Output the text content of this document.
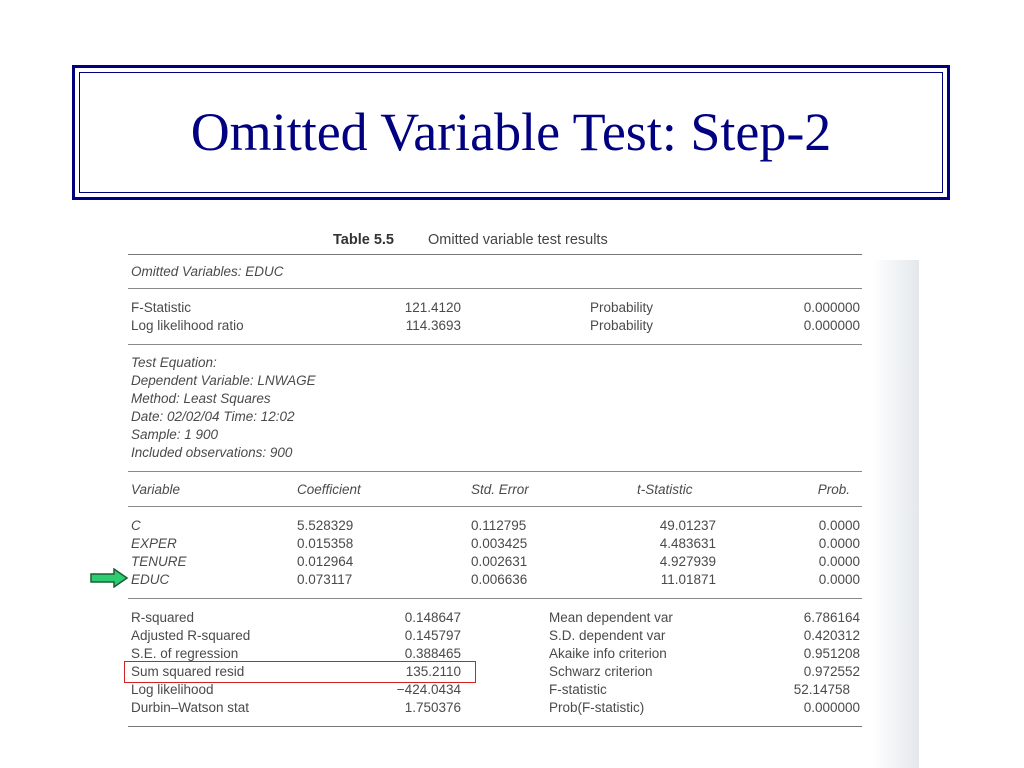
Omitted Variable Test: Step-2
Table 5.5 Omitted variable test results
Omitted Variables: EDUC
F-Statistic	121.4120	Probability	0.000000
Log likelihood ratio	114.3693	Probability	0.000000
Test Equation:
Dependent Variable: LNWAGE
Method: Least Squares
Date: 02/02/04 Time: 12:02
Sample: 1 900
Included observations: 900
Variable	Coefficient	Std. Error	t-Statistic	Prob.
C	5.528329	0.112795	49.01237	0.0000
EXPER	0.015358	0.003425	4.483631	0.0000
TENURE	0.012964	0.002631	4.927939	0.0000
EDUC	0.073117	0.006636	11.01871	0.0000
R-squared	0.148647	Mean dependent var	6.786164
Adjusted R-squared	0.145797	S.D. dependent var	0.420312
S.E. of regression	0.388465	Akaike info criterion	0.951208
Sum squared resid	135.2110	Schwarz criterion	0.972552
Log likelihood	−424.0434	F-statistic	52.14758
Durbin–Watson stat	1.750376	Prob(F-statistic)	0.000000
